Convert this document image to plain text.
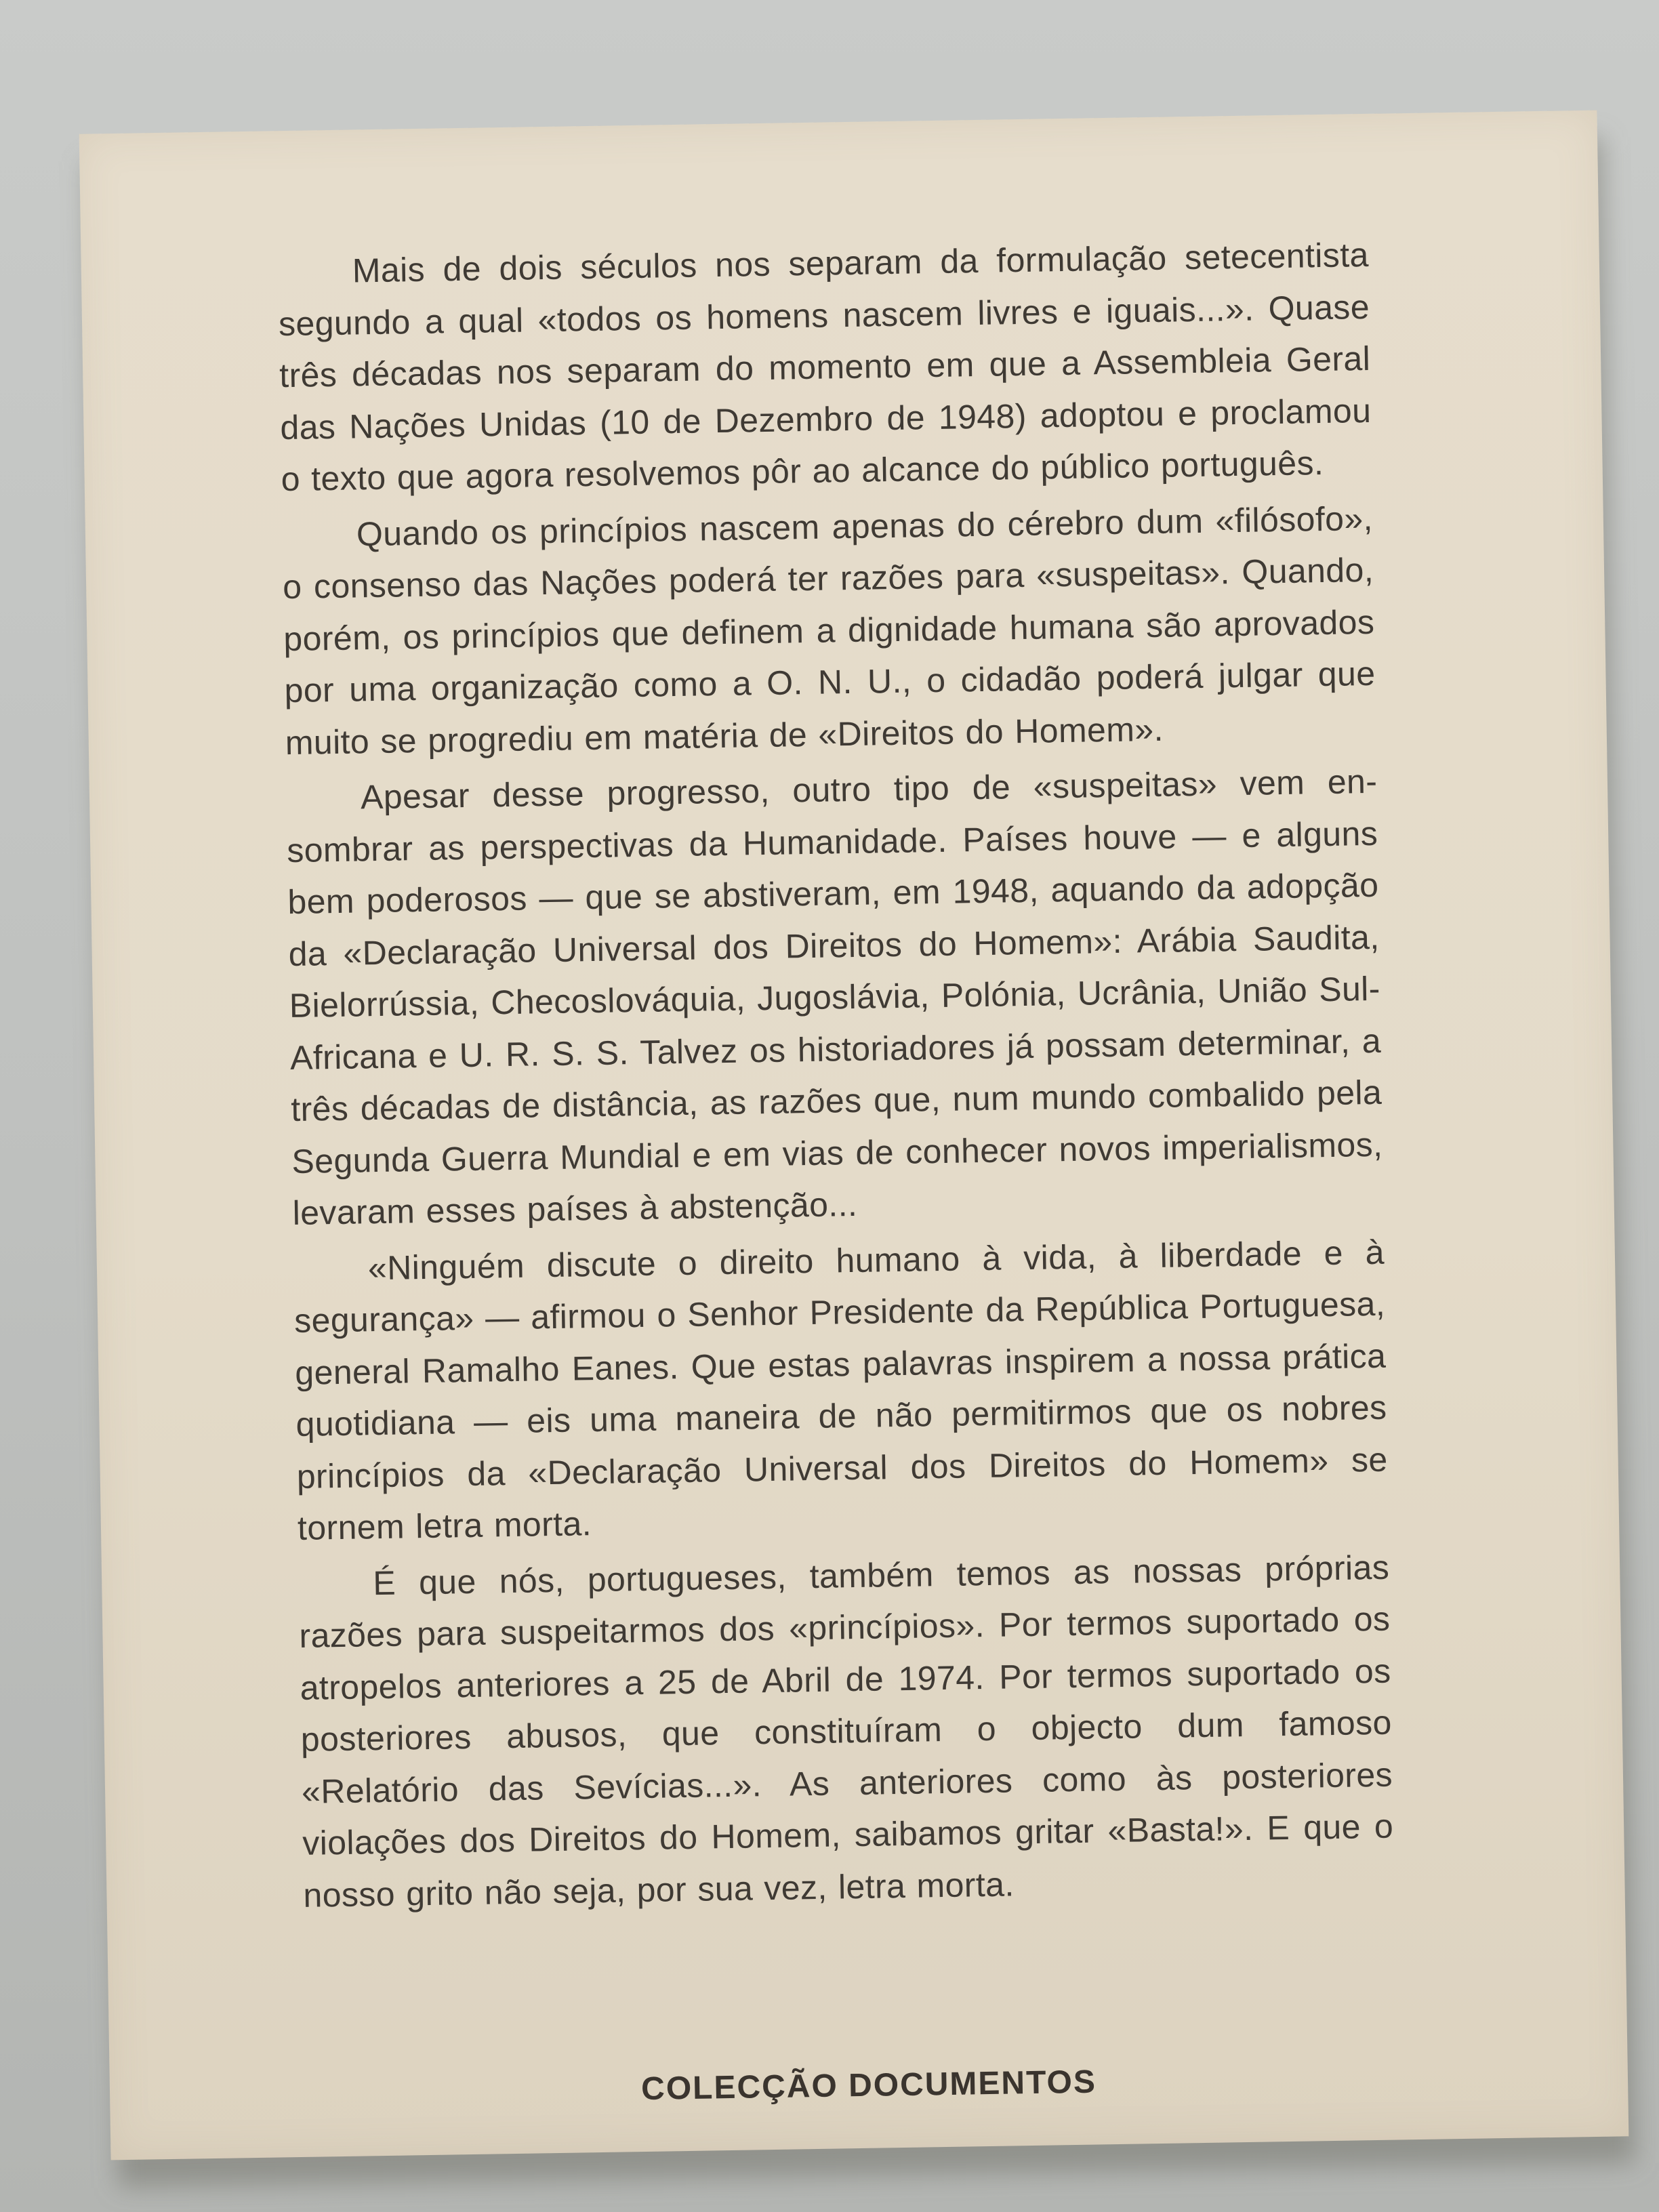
Mais de dois séculos nos separam da formulação setecentista segundo a qual «todos os homens nascem livres e iguais...». Quase três décadas nos separam do momento em que a Assembleia Geral das Nações Unidas (10 de Dezembro de 1948) adoptou e proclamou o texto que agora resolvemos pôr ao alcance do público português.

Quando os princípios nascem apenas do cérebro dum «filósofo», o consenso das Nações poderá ter razões para «suspeitas». Quando, porém, os princípios que definem a dignidade humana são aprovados por uma organização como a O. N. U., o cidadão poderá julgar que muito se progrediu em matéria de «Direitos do Homem».

Apesar desse progresso, outro tipo de «suspeitas» vem ensombrar as perspectivas da Humanidade. Países houve — e alguns bem poderosos — que se abstiveram, em 1948, aquando da adopção da «Declaração Universal dos Direitos do Homem»: Arábia Saudita, Bielorrússia, Checoslováquia, Jugoslávia, Polónia, Ucrânia, União Sul-Africana e U. R. S. S. Talvez os historiadores já possam determinar, a três décadas de distância, as razões que, num mundo combalido pela Segunda Guerra Mundial e em vias de conhecer novos imperialismos, levaram esses países à abstenção...

«Ninguém discute o direito humano à vida, à liberdade e à segurança» — afirmou o Senhor Presidente da República Portuguesa, general Ramalho Eanes. Que estas palavras inspirem a nossa prática quotidiana — eis uma maneira de não permitirmos que os nobres princípios da «Declaração Universal dos Direitos do Homem» se tornem letra morta.

É que nós, portugueses, também temos as nossas próprias razões para suspeitarmos dos «princípios». Por termos suportado os atropelos anteriores a 25 de Abril de 1974. Por termos suportado os posteriores abusos, que constituíram o objecto dum famoso «Relatório das Sevícias...». As anteriores como às posteriores violações dos Direitos do Homem, saibamos gritar «Basta!». E que o nosso grito não seja, por sua vez, letra morta.

COLECÇÃO DOCUMENTOS
